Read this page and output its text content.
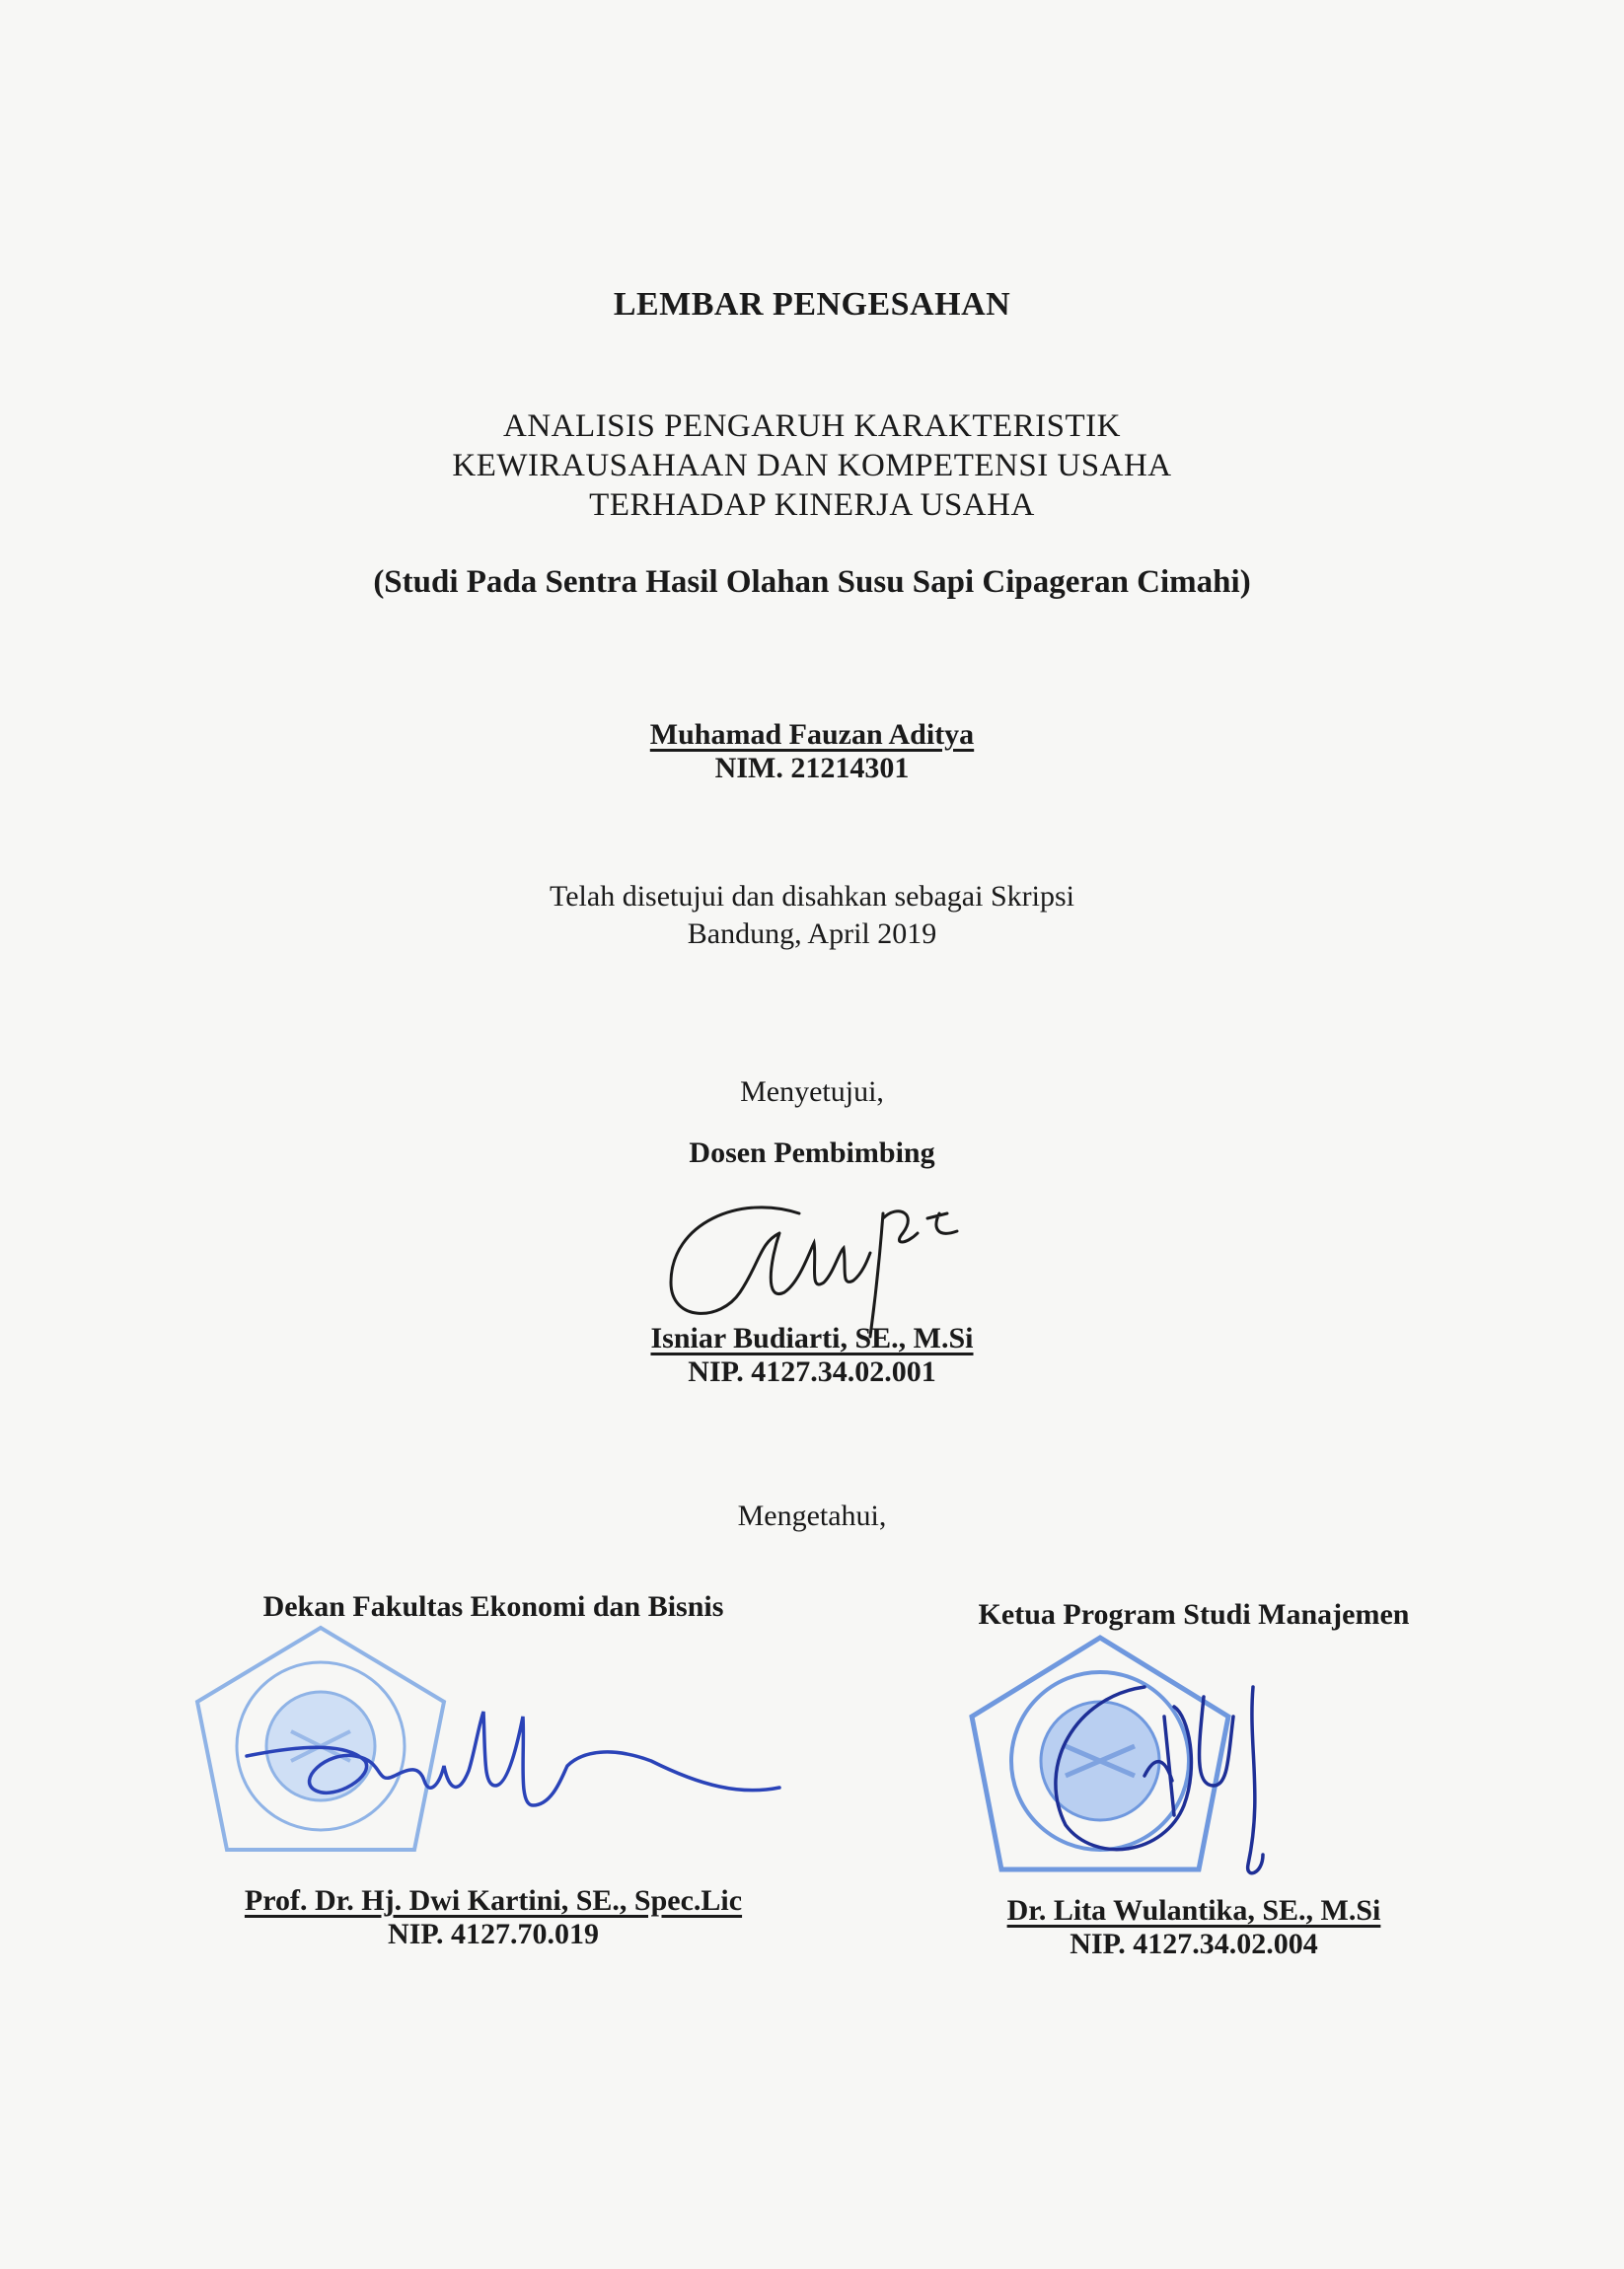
LEMBAR PENGESAHAN
ANALISIS PENGARUH KARAKTERISTIK
KEWIRAUSAHAAN DAN KOMPETENSI USAHA
TERHADAP KINERJA USAHA
(Studi Pada Sentra Hasil Olahan Susu Sapi Cipageran Cimahi)
Muhamad Fauzan Aditya
NIM. 21214301
Telah disetujui dan disahkan sebagai Skripsi
Bandung, April 2019
Menyetujui,
Dosen Pembimbing
Isniar Budiarti, SE., M.Si
NIP. 4127.34.02.001
Mengetahui,
Dekan Fakultas Ekonomi dan Bisnis
Prof. Dr. Hj. Dwi Kartini, SE., Spec.Lic
NIP. 4127.70.019
Ketua Program Studi Manajemen
Dr. Lita Wulantika, SE., M.Si
NIP. 4127.34.02.004
